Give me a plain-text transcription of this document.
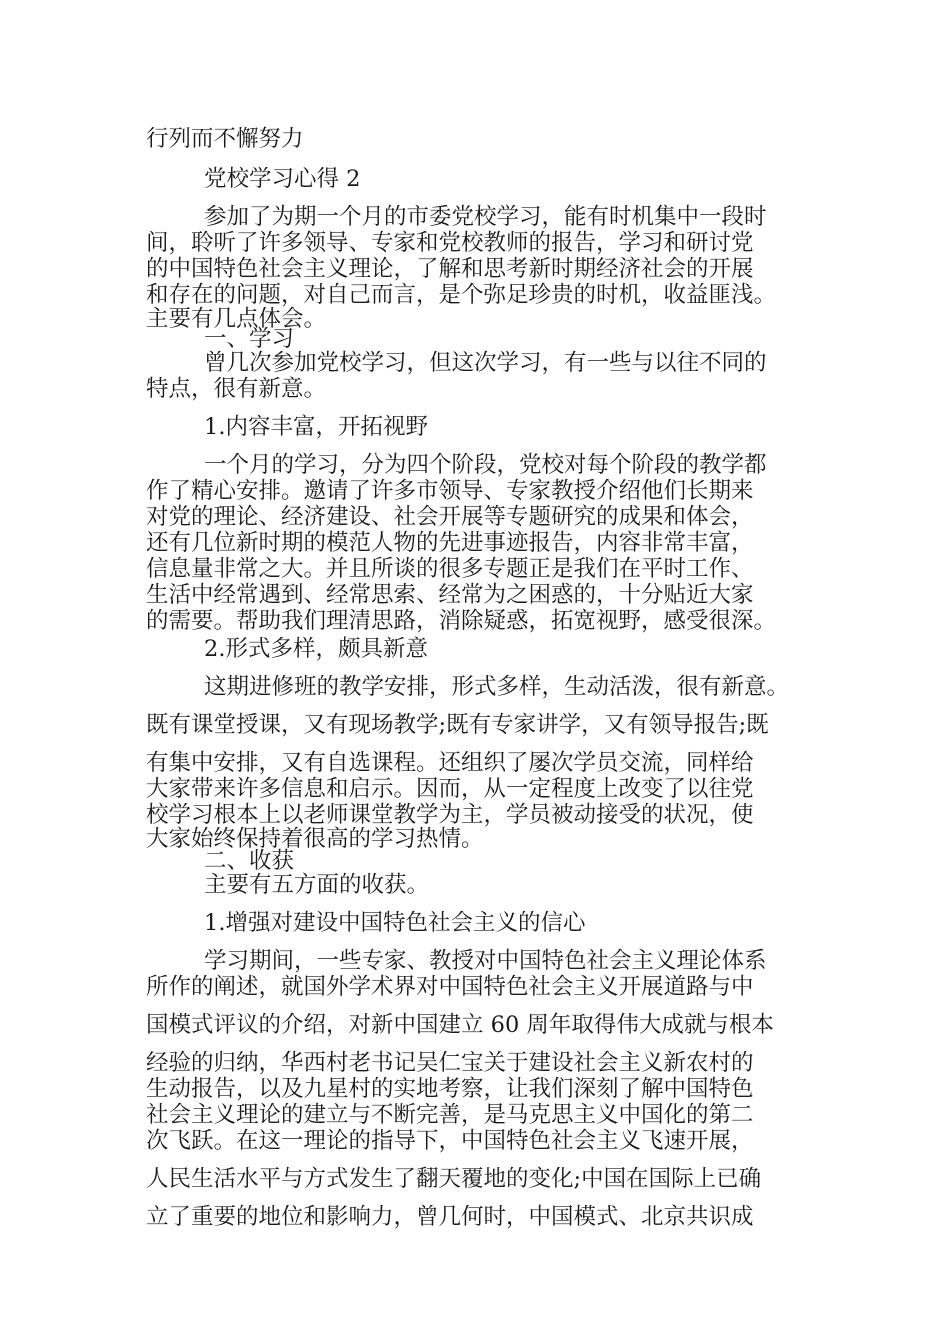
行列而不懈努力
党校学习心得 2
参加了为期一个月的市委党校学习，能有时机集中一段时
间，聆听了许多领导、专家和党校教师的报告，学习和研讨党
的中国特色社会主义理论，了解和思考新时期经济社会的开展
和存在的问题，对自己而言，是个弥足珍贵的时机，收益匪浅。
主要有几点体会。
一、学习
曾几次参加党校学习，但这次学习，有一些与以往不同的
特点，很有新意。
1.内容丰富，开拓视野
一个月的学习，分为四个阶段，党校对每个阶段的教学都
作了精心安排。邀请了许多市领导、专家教授介绍他们长期来
对党的理论、经济建设、社会开展等专题研究的成果和体会，
还有几位新时期的模范人物的先进事迹报告，内容非常丰富，
信息量非常之大。并且所谈的很多专题正是我们在平时工作、
生活中经常遇到、经常思索、经常为之困惑的，十分贴近大家
的需要。帮助我们理清思路，消除疑惑，拓宽视野，感受很深。
2.形式多样，颇具新意
这期进修班的教学安排，形式多样，生动活泼，很有新意。
既有课堂授课，又有现场教学;既有专家讲学，又有领导报告;既
有集中安排，又有自选课程。还组织了屡次学员交流，同样给
大家带来许多信息和启示。因而，从一定程度上改变了以往党
校学习根本上以老师课堂教学为主，学员被动接受的状况，使
大家始终保持着很高的学习热情。
二、收获
主要有五方面的收获。
1.增强对建设中国特色社会主义的信心
学习期间，一些专家、教授对中国特色社会主义理论体系
所作的阐述，就国外学术界对中国特色社会主义开展道路与中
国模式评议的介绍，对新中国建立 60 周年取得伟大成就与根本
经验的归纳，华西村老书记吴仁宝关于建设社会主义新农村的
生动报告，以及九星村的实地考察，让我们深刻了解中国特色
社会主义理论的建立与不断完善，是马克思主义中国化的第二
次飞跃。在这一理论的指导下，中国特色社会主义飞速开展，
人民生活水平与方式发生了翻天覆地的变化;中国在国际上已确
立了重要的地位和影响力，曾几何时，中国模式、北京共识成
